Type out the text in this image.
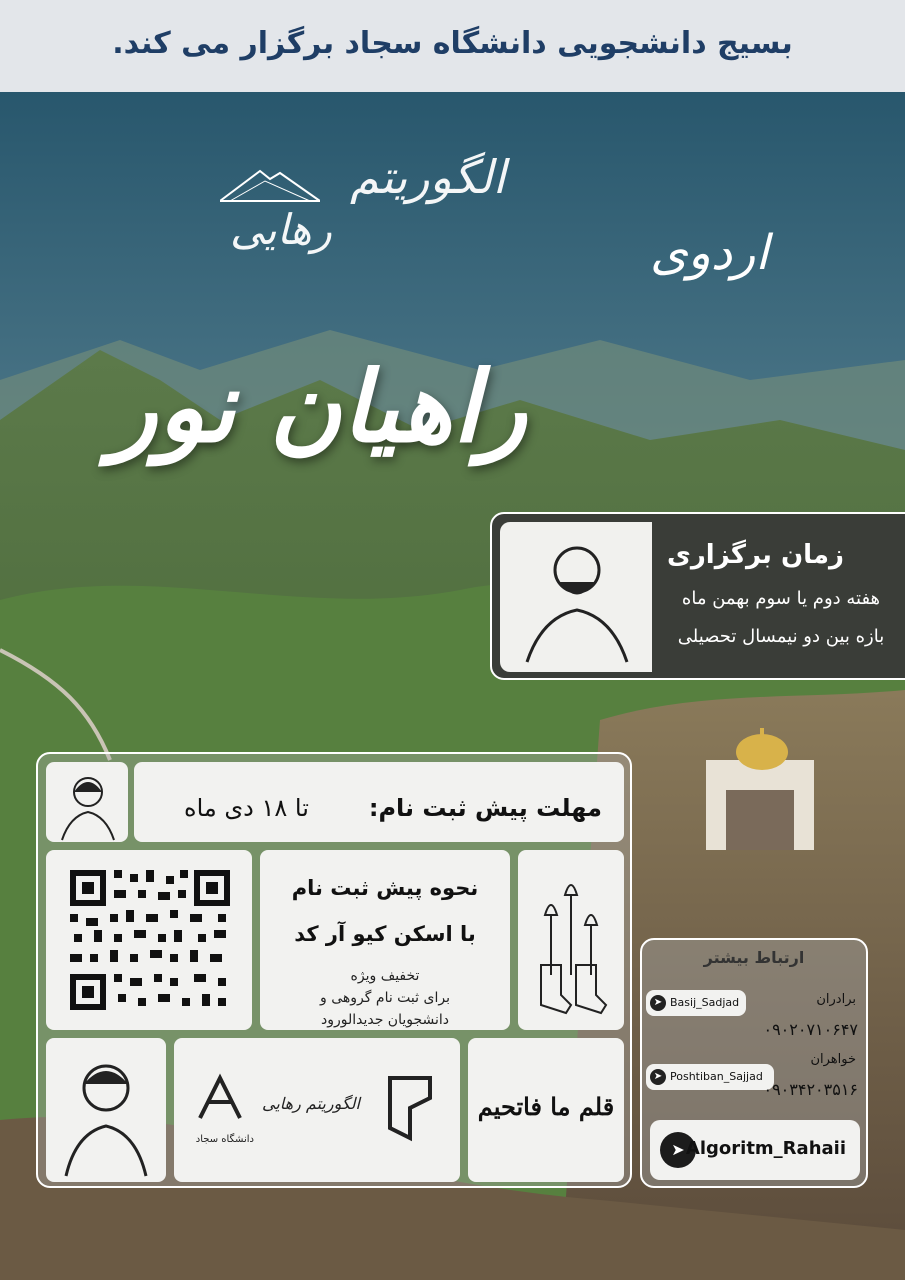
بسیج دانشجویی دانشگاه سجاد برگزار می کند.
الگوریتم
رهایی	اردوی
راهیان نور
زمان برگزاری
هفته دوم یا سوم بهمن ماه
بازه بین دو نیمسال تحصیلی
مهلت پیش ثبت نام:
تا ۱۸ دی ماه
نحوه پیش ثبت نام
با اسکن کیو آر کد
تخفیف ویژه
برای ثبت نام گروهی و
دانشجویان جدیدالورود
دانشگاه سجاد
الگوریتم رهایی	قلم ما فاتحیم
ارتباط بیشتر
برادران
➤ Basij_Sadjad
۰۹۰۲۰۷۱۰۶۴۷
خواهران
➤ Poshtiban_Sajjad
۰۹۰۳۴۲۰۳۵۱۶
➤ Algoritm_Rahaii
